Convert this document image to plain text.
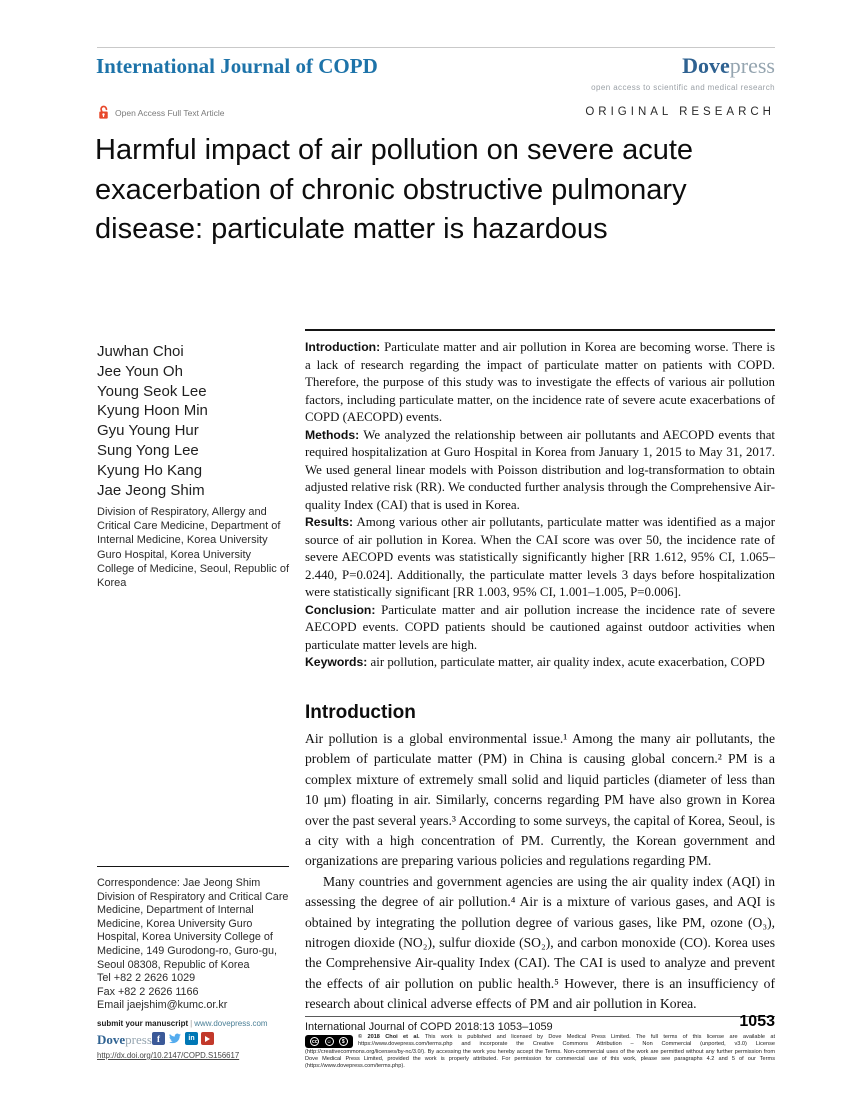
International Journal of COPD	Dovepress
open access to scientific and medical research
Open Access Full Text Article	ORIGINAL RESEARCH
Harmful impact of air pollution on severe acute exacerbation of chronic obstructive pulmonary disease: particulate matter is hazardous
Juwhan Choi
Jee Youn Oh
Young Seok Lee
Kyung Hoon Min
Gyu Young Hur
Sung Yong Lee
Kyung Ho Kang
Jae Jeong Shim
Division of Respiratory, Allergy and Critical Care Medicine, Department of Internal Medicine, Korea University Guro Hospital, Korea University College of Medicine, Seoul, Republic of Korea
Correspondence: Jae Jeong Shim
Division of Respiratory and Critical Care Medicine, Department of Internal Medicine, Korea University Guro Hospital, Korea University College of Medicine, 149 Gurodong-ro, Guro-gu, Seoul 08308, Republic of Korea
Tel +82 2 2626 1029
Fax +82 2 2626 1166
Email jaejshim@kumc.or.kr

Introduction: Particulate matter and air pollution in Korea are becoming worse. There is a lack of research regarding the impact of particulate matter on patients with COPD. Therefore, the purpose of this study was to investigate the effects of various air pollution factors, including particulate matter, on the incidence rate of severe acute exacerbations of COPD (AECOPD) events.

Methods: We analyzed the relationship between air pollutants and AECOPD events that required hospitalization at Guro Hospital in Korea from January 1, 2015 to May 31, 2017. We used general linear models with Poisson distribution and log-transformation to obtain adjusted relative risk (RR). We conducted further analysis through the Comprehensive Air-quality Index (CAI) that is used in Korea.

Results: Among various other air pollutants, particulate matter was identified as a major source of air pollution in Korea. When the CAI score was over 50, the incidence rate of severe AECOPD events was statistically significantly higher [RR 1.612, 95% CI, 1.065–2.440, P=0.024]. Additionally, the particulate matter levels 3 days before hospitalization were statistically significant [RR 1.003, 95% CI, 1.001–1.005, P=0.006].

Conclusion: Particulate matter and air pollution increase the incidence rate of severe AECOPD events. COPD patients should be cautioned against outdoor activities when particulate matter levels are high.

Keywords: air pollution, particulate matter, air quality index, acute exacerbation, COPD

Introduction

Air pollution is a global environmental issue.¹ Among the many air pollutants, the problem of particulate matter (PM) in China is causing global concern.² PM is a complex mixture of extremely small solid and liquid particles (diameter of less than 10 μm) floating in air. Similarly, concerns regarding PM have also grown in Korea over the past several years.³ According to some surveys, the capital of Korea, Seoul, is a city with a high concentration of PM. Currently, the Korean government and organizations are preparing various policies and regulations regarding PM.

Many countries and government agencies are using the air quality index (AQI) in assessing the degree of air pollution.⁴ Air is a mixture of various gases, and AQI is obtained by integrating the pollution degree of various gases, like PM, ozone (O₃), nitrogen dioxide (NO₂), sulfur dioxide (SO₂), and carbon monoxide (CO). Korea uses the Comprehensive Air-quality Index (CAI). The CAI is used to analyze and prevent the effects of air pollution on public health.⁵ However, there is an insufficiency of research about clinical adverse effects of PM and air pollution in Korea.

submit your manuscript | www.dovepress.com
Dovepress f	in
http://dx.doi.org/10.2147/COPD.S156617
International Journal of COPD 2018:13 1053–1059	1053
cc	☺	$
© 2018 Choi et al. This work is published and licensed by Dove Medical Press Limited. The full terms of this license are available at https://www.dovepress.com/terms.php and incorporate the Creative Commons Attribution – Non Commercial (unported, v3.0) License (http://creativecommons.org/licenses/by-nc/3.0/). By accessing the work you hereby accept the Terms. Non-commercial uses of the work are permitted without any further permission from Dove Medical Press Limited, provided the work is properly attributed. For permission for commercial use of this work, please see paragraphs 4.2 and 5 of our Terms (https://www.dovepress.com/terms.php).
